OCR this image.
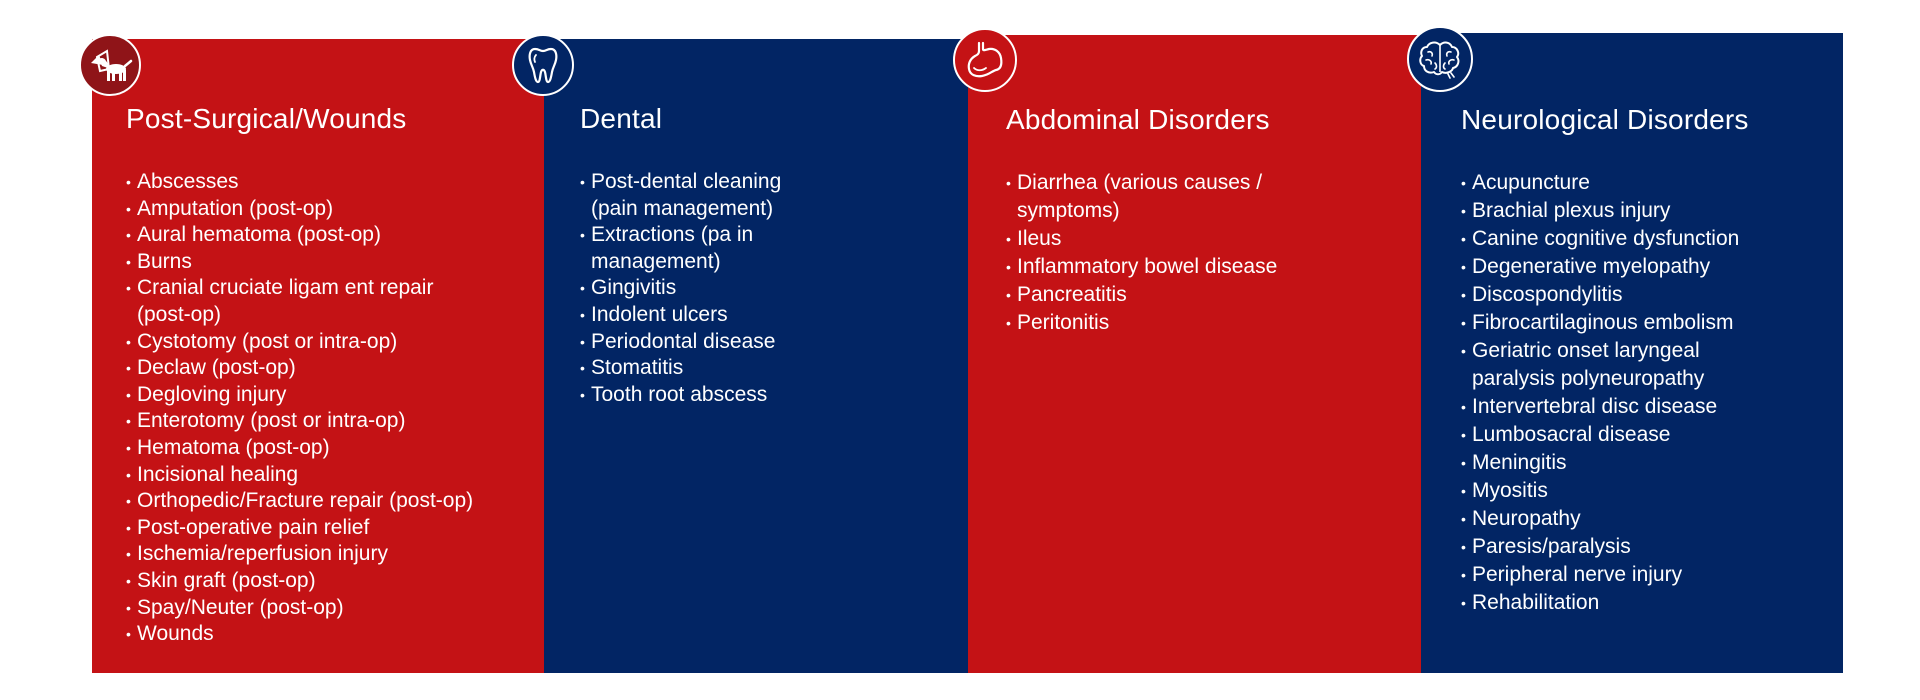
Post-Surgical/Wounds
• Abscesses
• Amputation (post-op)
• Aural hematoma (post-op)
• Burns
• Cranial cruciate ligam ent repair (post-op)
• Cystotomy (post or intra-op)
• Declaw (post-op)
• Degloving injury
• Enterotomy (post or intra-op)
• Hematoma (post-op)
• Incisional healing
• Orthopedic/Fracture repair (post-op)
• Post-operative pain relief
• Ischemia/reperfusion injury
• Skin graft (post-op)
• Spay/Neuter (post-op)
• Wounds
Dental
• Post-dental cleaning (pain management)
• Extractions (pa in management)
• Gingivitis
• Indolent ulcers
• Periodontal disease
• Stomatitis
• Tooth root abscess
Abdominal Disorders
• Diarrhea (various causes / symptoms)
• Ileus
• Inflammatory bowel disease
• Pancreatitis
• Peritonitis
Neurological Disorders
• Acupuncture
• Brachial plexus injury
• Canine cognitive dysfunction
• Degenerative myelopathy
• Discospondylitis
• Fibrocartilaginous embolism
• Geriatric onset laryngeal paralysis polyneuropathy
• Intervertebral disc disease
• Lumbosacral disease
• Meningitis
• Myositis
• Neuropathy
• Paresis/paralysis
• Peripheral nerve injury
• Rehabilitation
